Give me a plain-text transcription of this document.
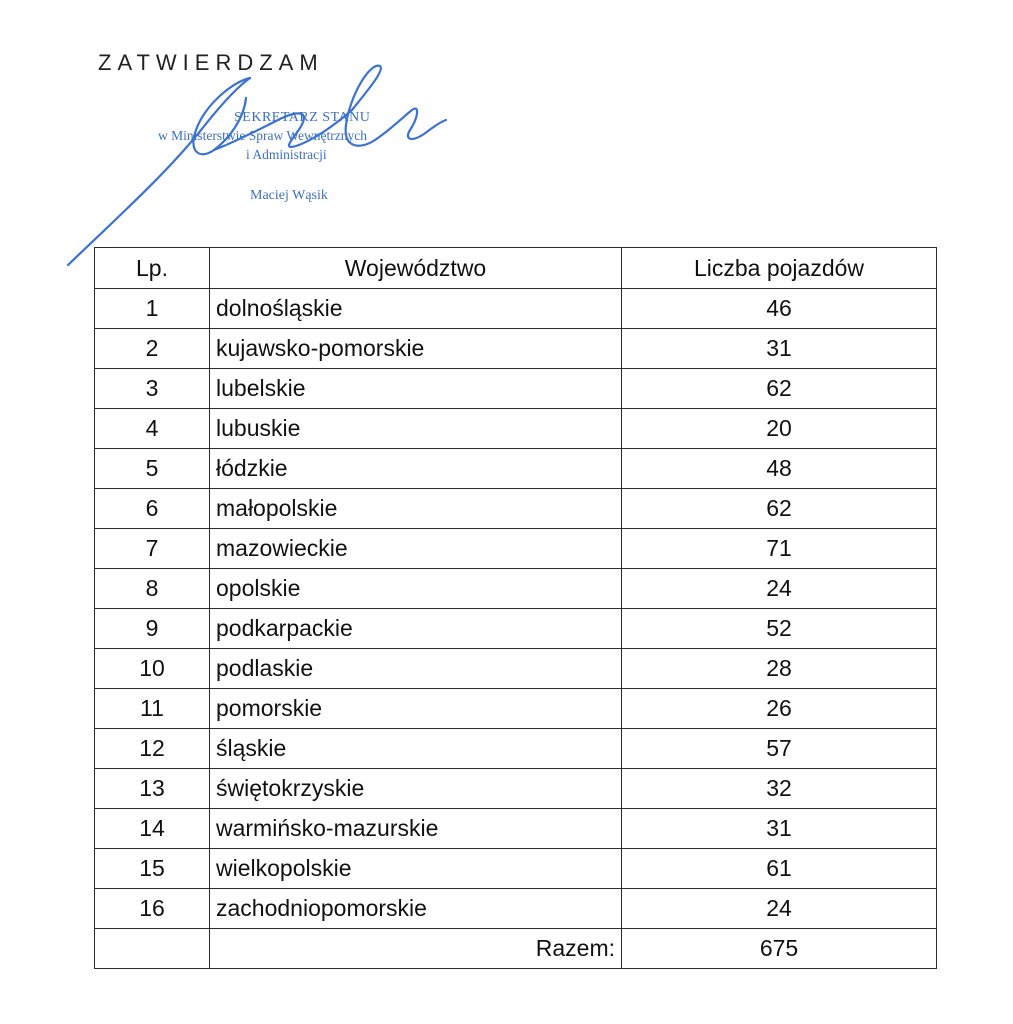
ZATWIERDZAM
SEKRETARZ STANU
w Ministerstwie Spraw Wewnętrznych
i Administracji
Maciej Wąsik
Lp.	Województwo	Liczba pojazdów
1	dolnośląskie	46
2	kujawsko-pomorskie	31
3	lubelskie	62
4	lubuskie	20
5	łódzkie	48
6	małopolskie	62
7	mazowieckie	71
8	opolskie	24
9	podkarpackie	52
10	podlaskie	28
11	pomorskie	26
12	śląskie	57
13	świętokrzyskie	32
14	warmińsko-mazurskie	31
15	wielkopolskie	61
16	zachodniopomorskie	24
	Razem:	675
